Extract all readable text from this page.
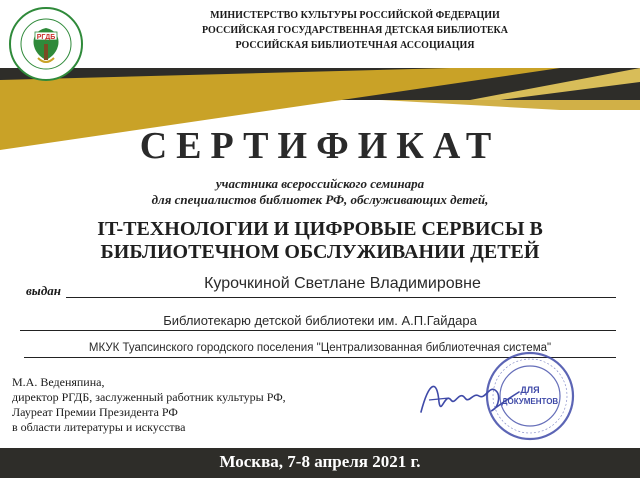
РГДБ
МИНИСТЕРСТВО КУЛЬТУРЫ РОССИЙСКОЙ ФЕДЕРАЦИИ
РОССИЙСКАЯ ГОСУДАРСТВЕННАЯ ДЕТСКАЯ БИБЛИОТЕКА
РОССИЙСКАЯ БИБЛИОТЕЧНАЯ АССОЦИАЦИЯ
СЕРТИФИКАТ
участника всероссийского семинара
для специалистов библиотек РФ, обслуживающих детей,
IT-ТЕХНОЛОГИИ И ЦИФРОВЫЕ СЕРВИСЫ В
БИБЛИОТЕЧНОМ ОБСЛУЖИВАНИИ ДЕТЕЙ
выдан	Курочкиной Светлане Владимировне
Библиотекарю детской библиотеки им. А.П.Гайдара
МКУК Туапсинского городского поселения "Централизованная библиотечная система"
М.А. Веденяпина,
директор РГДБ, заслуженный работник культуры РФ,
Лауреат Премии Президента РФ
в области литературы и искусства
ДЛЯ
ДОКУМЕНТОВ
Москва, 7-8 апреля 2021 г.
